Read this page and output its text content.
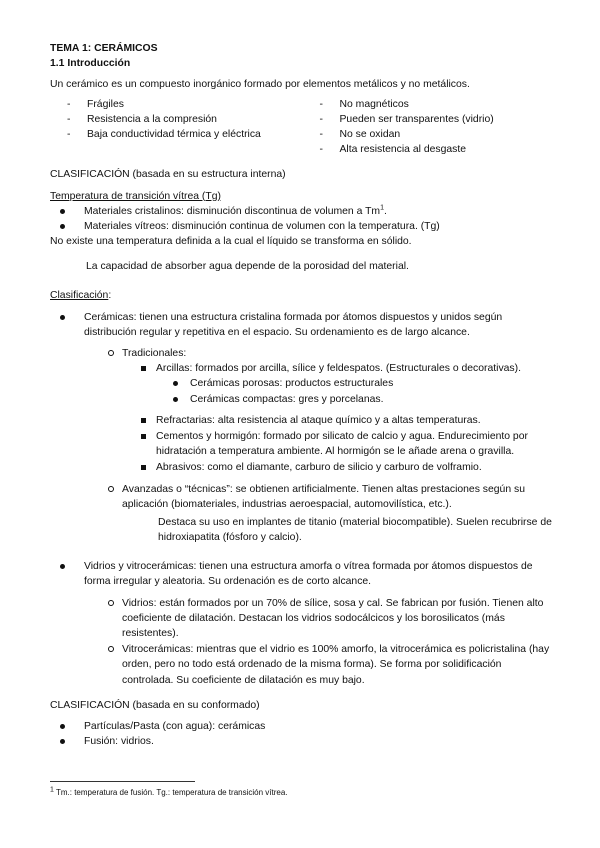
TEMA 1: CERÁMICOS

1.1 Introducción

Un cerámico es un compuesto inorgánico formado por elementos metálicos y no metálicos.

-	Frágiles
-	Resistencia a la compresión
-	Baja conductividad térmica y eléctrica
-	No magnéticos
-	Pueden ser transparentes (vidrio)
-	No se oxidan
-	Alta resistencia al desgaste

CLASIFICACIÓN (basada en su estructura interna)

Temperatura de transición vítrea (Tg)

Materiales cristalinos: disminución discontinua de volumen a Tm$^1$.
Materiales vítreos: disminución continua de volumen con la temperatura. (Tg)

No existe una temperatura definida a la cual el líquido se transforma en sólido.

La capacidad de absorber agua depende de la porosidad del material.

Clasificación:

Cerámicas: tienen una estructura cristalina formada por átomos dispuestos y unidos según distribución regular y repetitiva en el espacio. Su ordenamiento es de largo alcance.
Tradicionales:
Arcillas: formados por arcilla, sílice y feldespatos. (Estructurales o decorativas).
Cerámicas porosas: productos estructurales
Cerámicas compactas: gres y porcelanas.
Refractarias: alta resistencia al ataque químico y a altas temperaturas.
Cementos y hormigón: formado por silicato de calcio y agua. Endurecimiento por hidratación a temperatura ambiente. Al hormigón se le añade arena o gravilla.
Abrasivos: como el diamante, carburo de silicio y carburo de volframio.
Avanzadas o “técnicas”: se obtienen artificialmente. Tienen altas prestaciones según su aplicación (biomateriales, industrias aeroespacial, automovilística, etc.).

Destaca su uso en implantes de titanio (material biocompatible). Suelen recubrirse de hidroxiapatita (fósforo y calcio).

Vidrios y vitrocerámicas: tienen una estructura amorfa o vítrea formada por átomos dispuestos de forma irregular y aleatoria. Su ordenación es de corto alcance.
Vidrios: están formados por un 70% de sílice, sosa y cal. Se fabrican por fusión. Tienen alto coeficiente de dilatación. Destacan los vidrios sodocálcicos y los borosilicatos (más resistentes).
Vitrocerámicas: mientras que el vidrio es 100% amorfo, la vitrocerámica es policristalina (hay orden, pero no todo está ordenado de la misma forma). Se forma por solidificación controlada. Su coeficiente de dilatación es muy bajo.

CLASIFICACIÓN (basada en su conformado)

Partículas/Pasta (con agua): cerámicas
Fusión: vidrios.

$^1$ Tm.: temperatura de fusión. Tg.: temperatura de transición vítrea.
